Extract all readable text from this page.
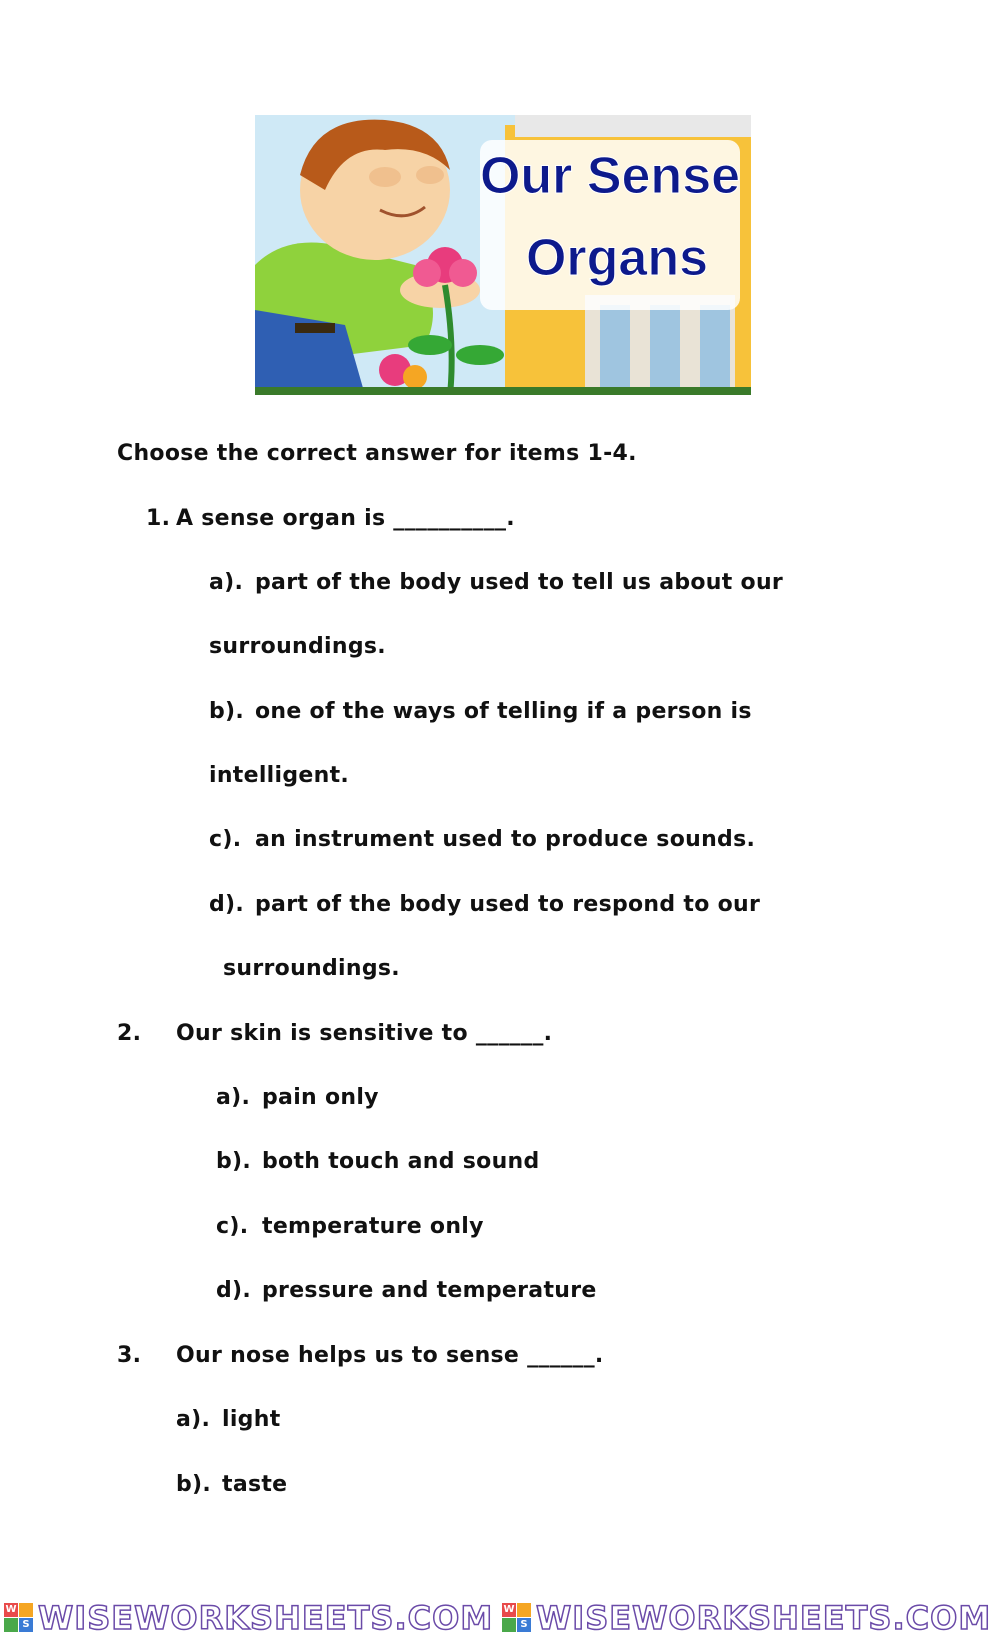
Our Sense
Organs
Choose the correct answer for items 1-4.
1. A sense organ is __________.
a). part of the body used to tell us about our
surroundings.
b). one of the ways of telling if a person is
intelligent.
c). an instrument used to produce sounds.
d). part of the body used to respond to our
surroundings.
2. Our skin is sensitive to ______.
a). pain only
b). both touch and sound
c). temperature only
d). pressure and temperature
3. Our nose helps us to sense ______.
a). light
b). taste
W
S WISEWORKSHEETS.COM W
S WISEWORKSHEETS.COM
